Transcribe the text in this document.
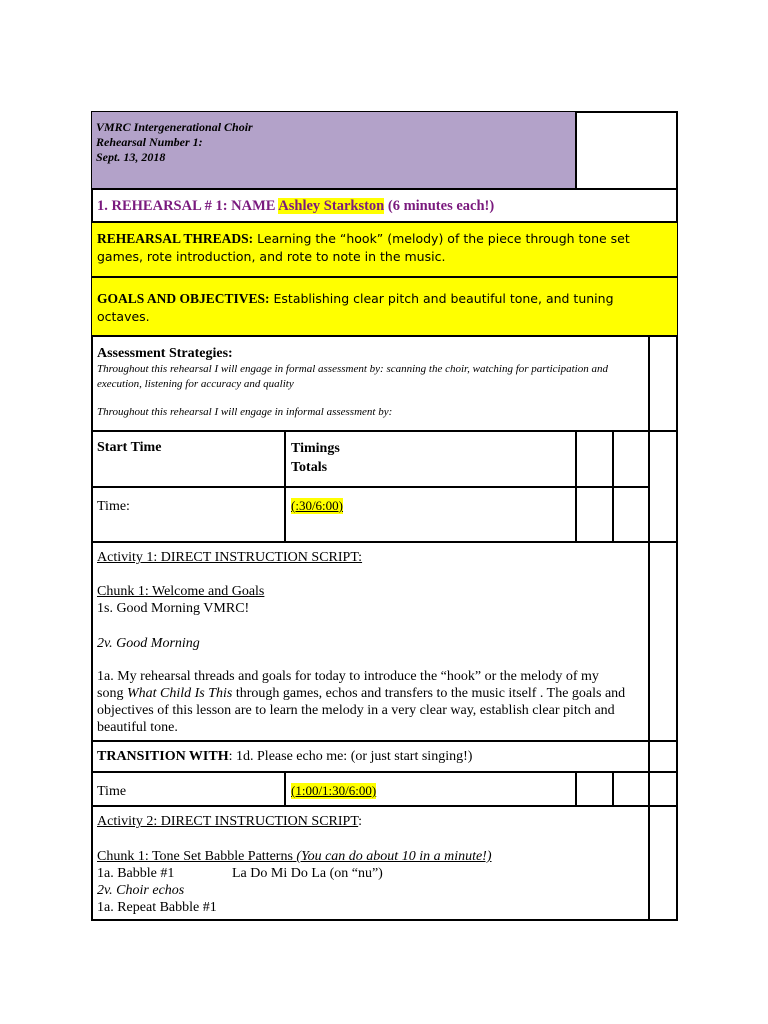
VMRC Intergenerational Choir

Rehearsal Number 1:

Sept. 13, 2018

1. REHEARSAL # 1: NAME Ashley Starkston (6 minutes each!)
REHEARSAL THREADS: Learning the “hook” (melody) of the piece through tone set games, rote introduction, and rote to note in the music.
GOALS AND OBJECTIVES: Establishing clear pitch and beautiful tone, and tuning octaves.

Assessment Strategies:

Throughout this rehearsal I will engage in formal assessment by: scanning the choir, watching for participation and execution, listening for accuracy and quality

Throughout this rehearsal I will engage in informal assessment by:

Start Time	Timings

Totals

Time:	(:30/6:00)

Activity 1: DIRECT INSTRUCTION SCRIPT:

Chunk 1: Welcome and Goals

1s. Good Morning VMRC!

2v. Good Morning

1a. My rehearsal threads and goals for today to introduce the “hook” or the melody of my song What Child Is This through games, echos and transfers to the music itself . The goals and objectives of this lesson are to learn the melody in a very clear way, establish clear pitch and beautiful tone.

TRANSITION WITH: 1d. Please echo me: (or just start singing!)
Time	(1:00/1:30/6:00)

Activity 2: DIRECT INSTRUCTION SCRIPT:

Chunk 1: Tone Set Babble Patterns (You can do about 10 in a minute!)

1a. Babble #1	La Do Mi Do La (on “nu”)

2v. Choir echos

1a. Repeat Babble #1
